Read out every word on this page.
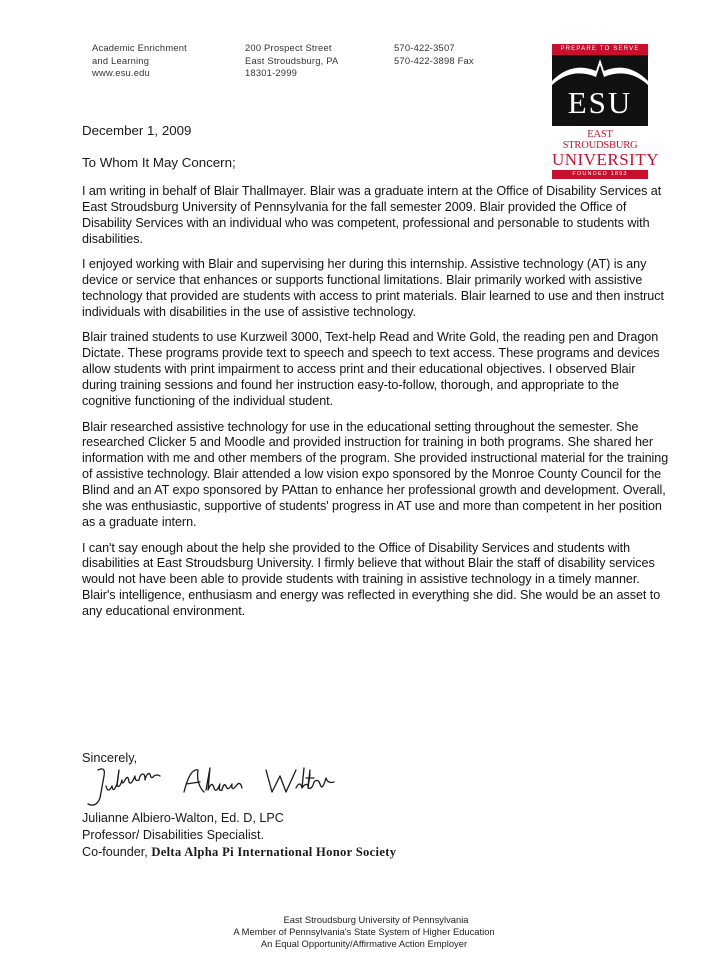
Academic Enrichment
and Learning
www.esu.edu
200 Prospect Street
East Stroudsburg, PA
18301-2999
570-422-3507
570-422-3898 Fax
PREPARE TO SERVE
ESU
EAST STROUDSBURG
UNIVERSITY
FOUNDED 1893
December 1, 2009
To Whom It May Concern;

I am writing in behalf of Blair Thallmayer. Blair was a graduate intern at the Office of Disability Services at East Stroudsburg University of Pennsylvania for the fall semester 2009. Blair provided the Office of Disability Services with an individual who was competent, professional and personable to students with disabilities.

I enjoyed working with Blair and supervising her during this internship. Assistive technology (AT) is any device or service that enhances or supports functional limitations. Blair primarily worked with assistive technology that provided are students with access to print materials. Blair learned to use and then instruct individuals with disabilities in the use of assistive technology.

Blair trained students to use Kurzweil 3000, Text-help Read and Write Gold, the reading pen and Dragon Dictate. These programs provide text to speech and speech to text access. These programs and devices allow students with print impairment to access print and their educational objectives. I observed Blair during training sessions and found her instruction easy-to-follow, thorough, and appropriate to the cognitive functioning of the individual student.

Blair researched assistive technology for use in the educational setting throughout the semester. She researched Clicker 5 and Moodle and provided instruction for training in both programs. She shared her information with me and other members of the program. She provided instructional material for the training of assistive technology. Blair attended a low vision expo sponsored by the Monroe County Council for the Blind and an AT expo sponsored by PAttan to enhance her professional growth and development. Overall, she was enthusiastic, supportive of students' progress in AT use and more than competent in her position as a graduate intern.

I can't say enough about the help she provided to the Office of Disability Services and students with disabilities at East Stroudsburg University. I firmly believe that without Blair the staff of disability services would not have been able to provide students with training in assistive technology in a timely manner. Blair's intelligence, enthusiasm and energy was reflected in everything she did. She would be an asset to any educational environment.

Sincerely,
Julianne Albiero-Walton, Ed. D, LPC
Professor/ Disabilities Specialist.
Co-founder, Delta Alpha Pi International Honor Society
East Stroudsburg University of Pennsylvania
A Member of Pennsylvania's State System of Higher Education
An Equal Opportunity/Affirmative Action Employer
